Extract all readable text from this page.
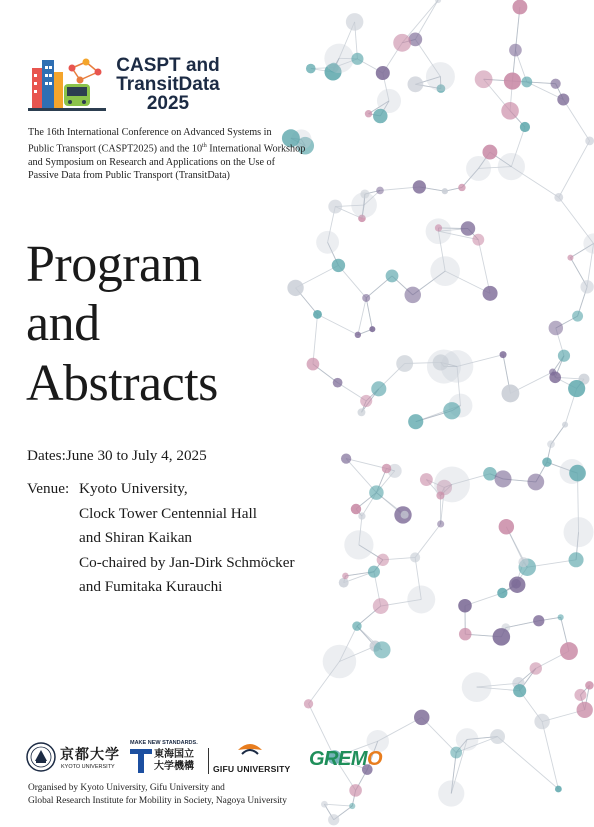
CASPT and
TransitData
2025
The 16th International Conference on Advanced Systems in
Public Transport (CASPT2025) and the 10th International Workshop
and Symposium on Research and Applications on the Use of
Passive Data from Public Transport (TransitData)
Program
and
Abstracts
Dates:June 30 to July 4, 2025
Venue: Kyoto University,
Clock Tower Centennial Hall
and Shiran Kaikan
Co-chaired by Jan-Dirk Schmöcker
and Fumitaka Kurauchi
京都大学
KYOTO UNIVERSITY
MAKE NEW STANDARDS.
東海国立
大学機構 GIFU UNIVERSITY GREMO
Organised by Kyoto University, Gifu University and
Global Research Institute for Mobility in Society, Nagoya University
